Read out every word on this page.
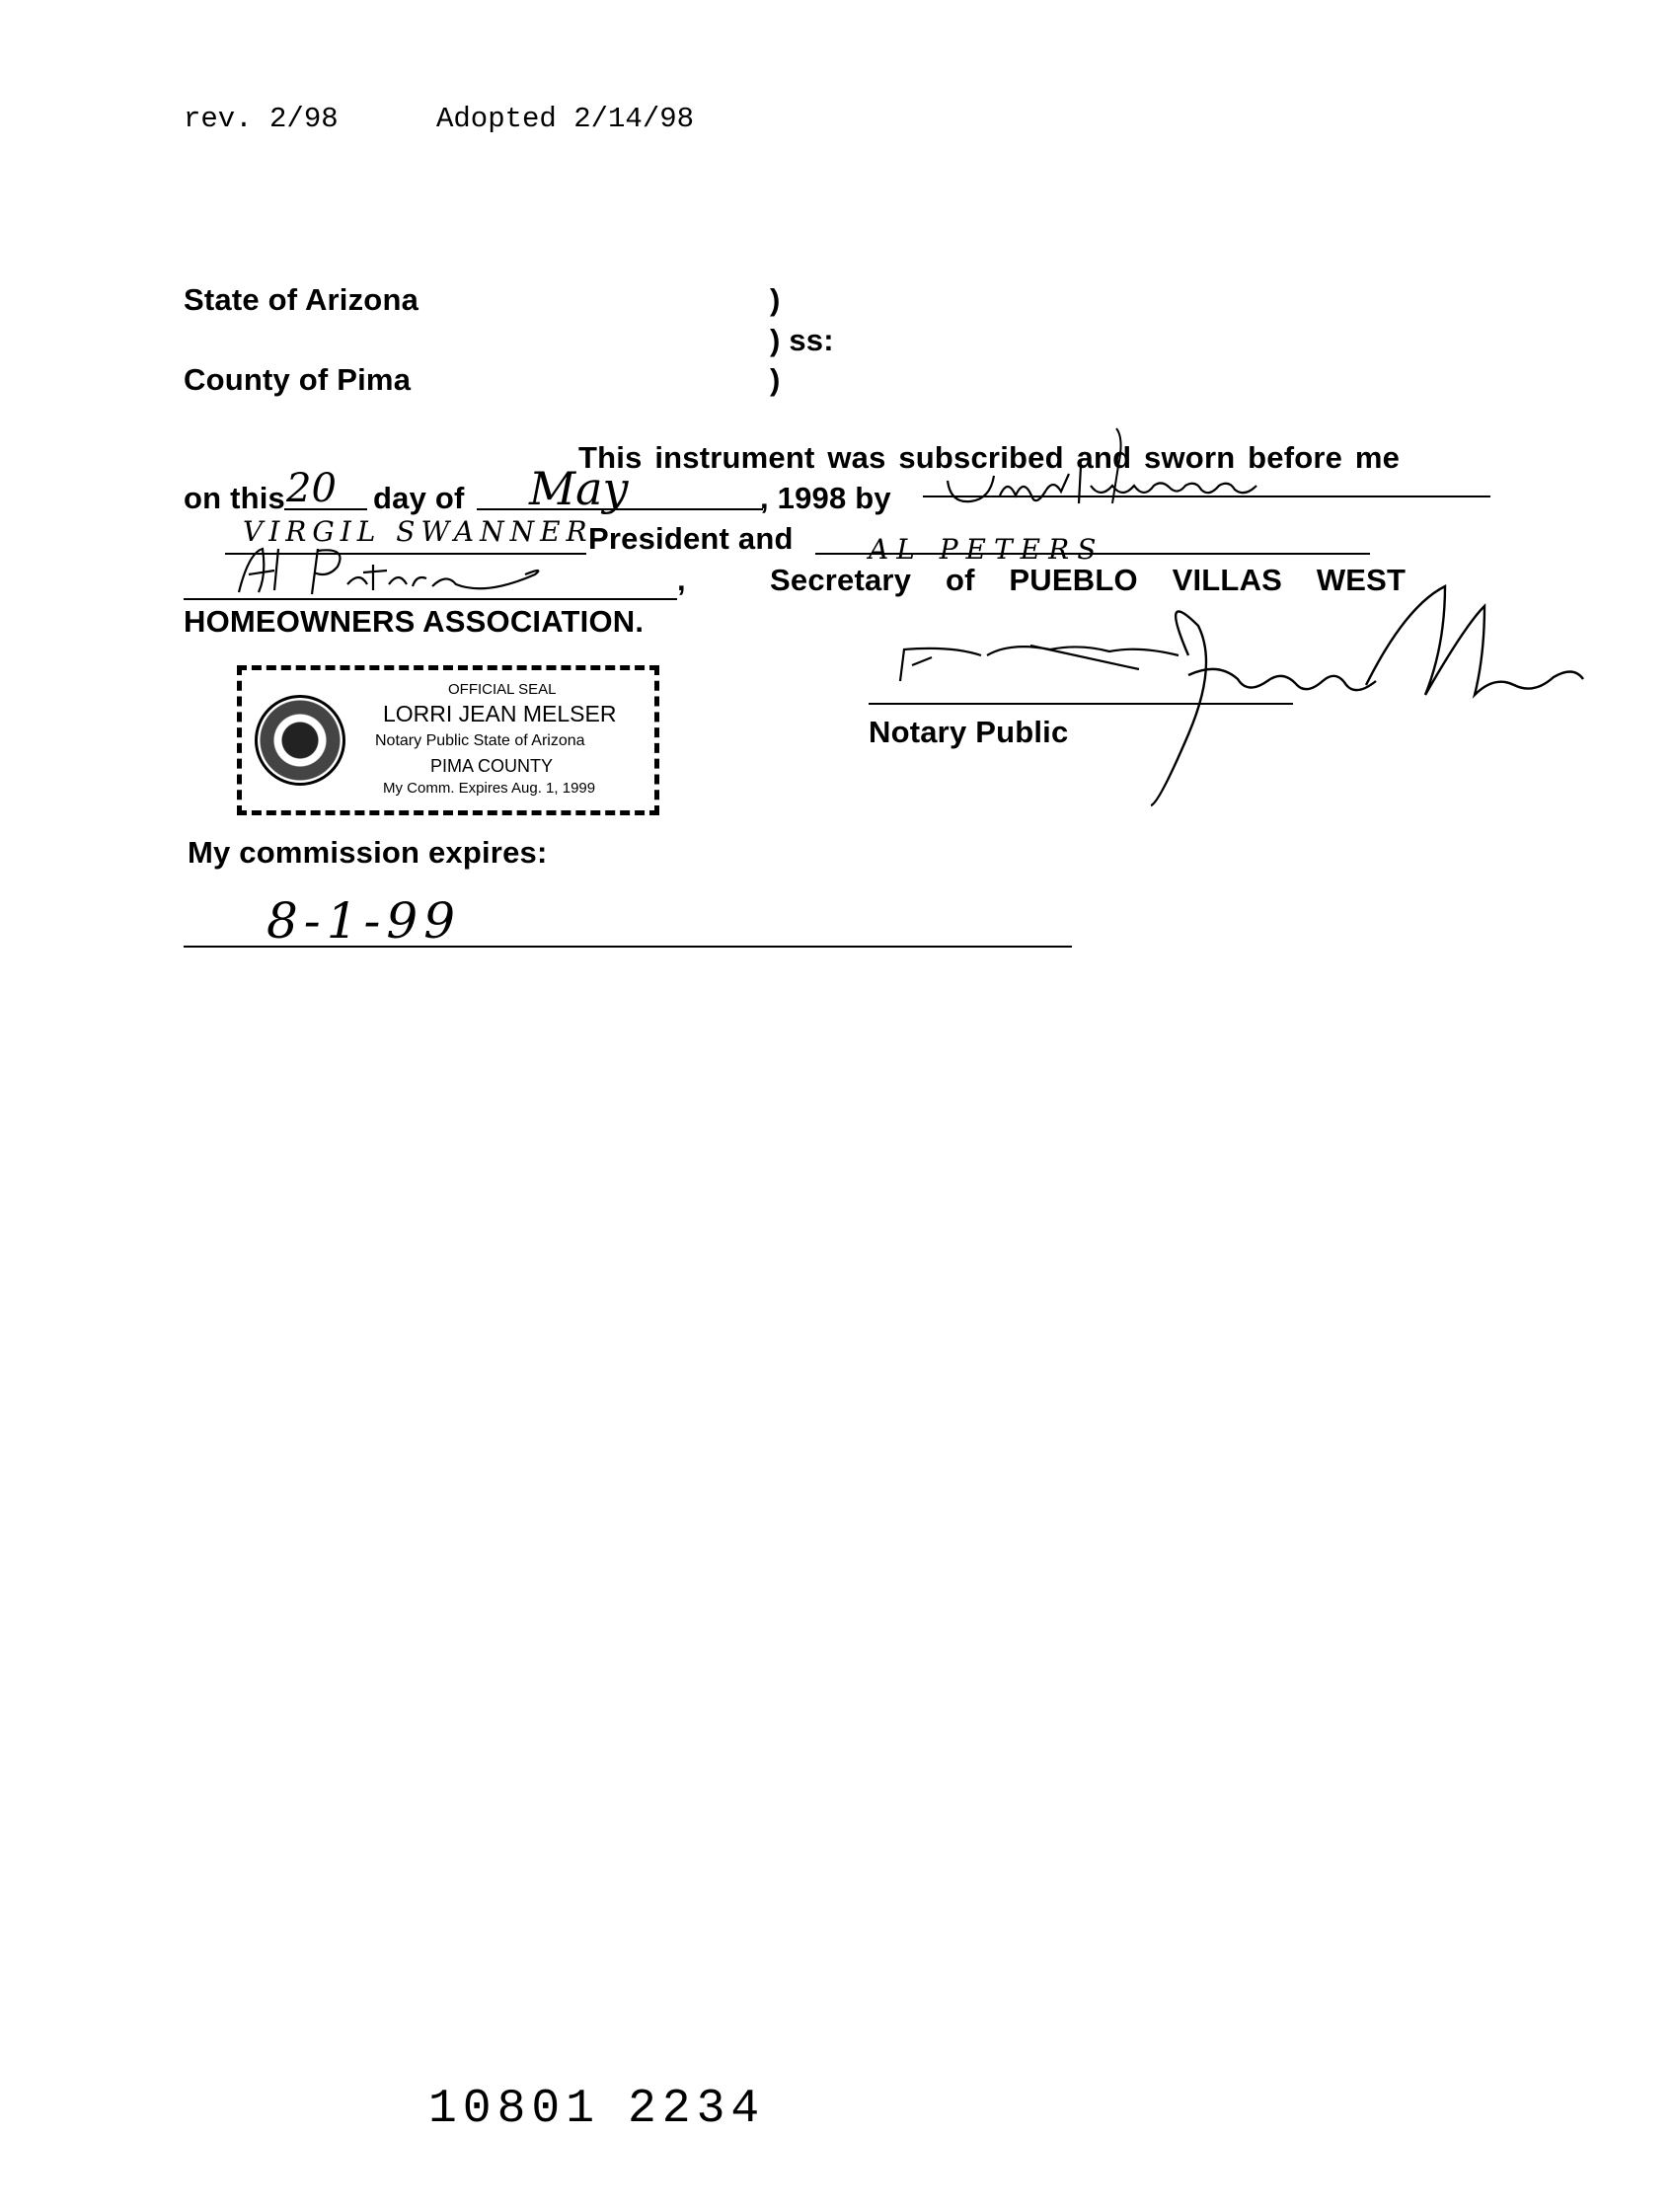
rev. 2/98	Adopted 2/14/98
State of Arizona	)
) ss:
County of Pima	)
This instrument was subscribed and sworn before me
on this 20 day of May	, 1998 by
VIRGIL SWANNER
President and	AL PETERS
,	Secretary of PUEBLO VILLAS WEST
HOMEOWNERS ASSOCIATION.
OFFICIAL SEAL
LORRI JEAN MELSER
Notary Public State of Arizona
PIMA COUNTY
My Comm. Expires Aug. 1, 1999
Notary Public
My commission expires:
8-1-99
10801 2234
